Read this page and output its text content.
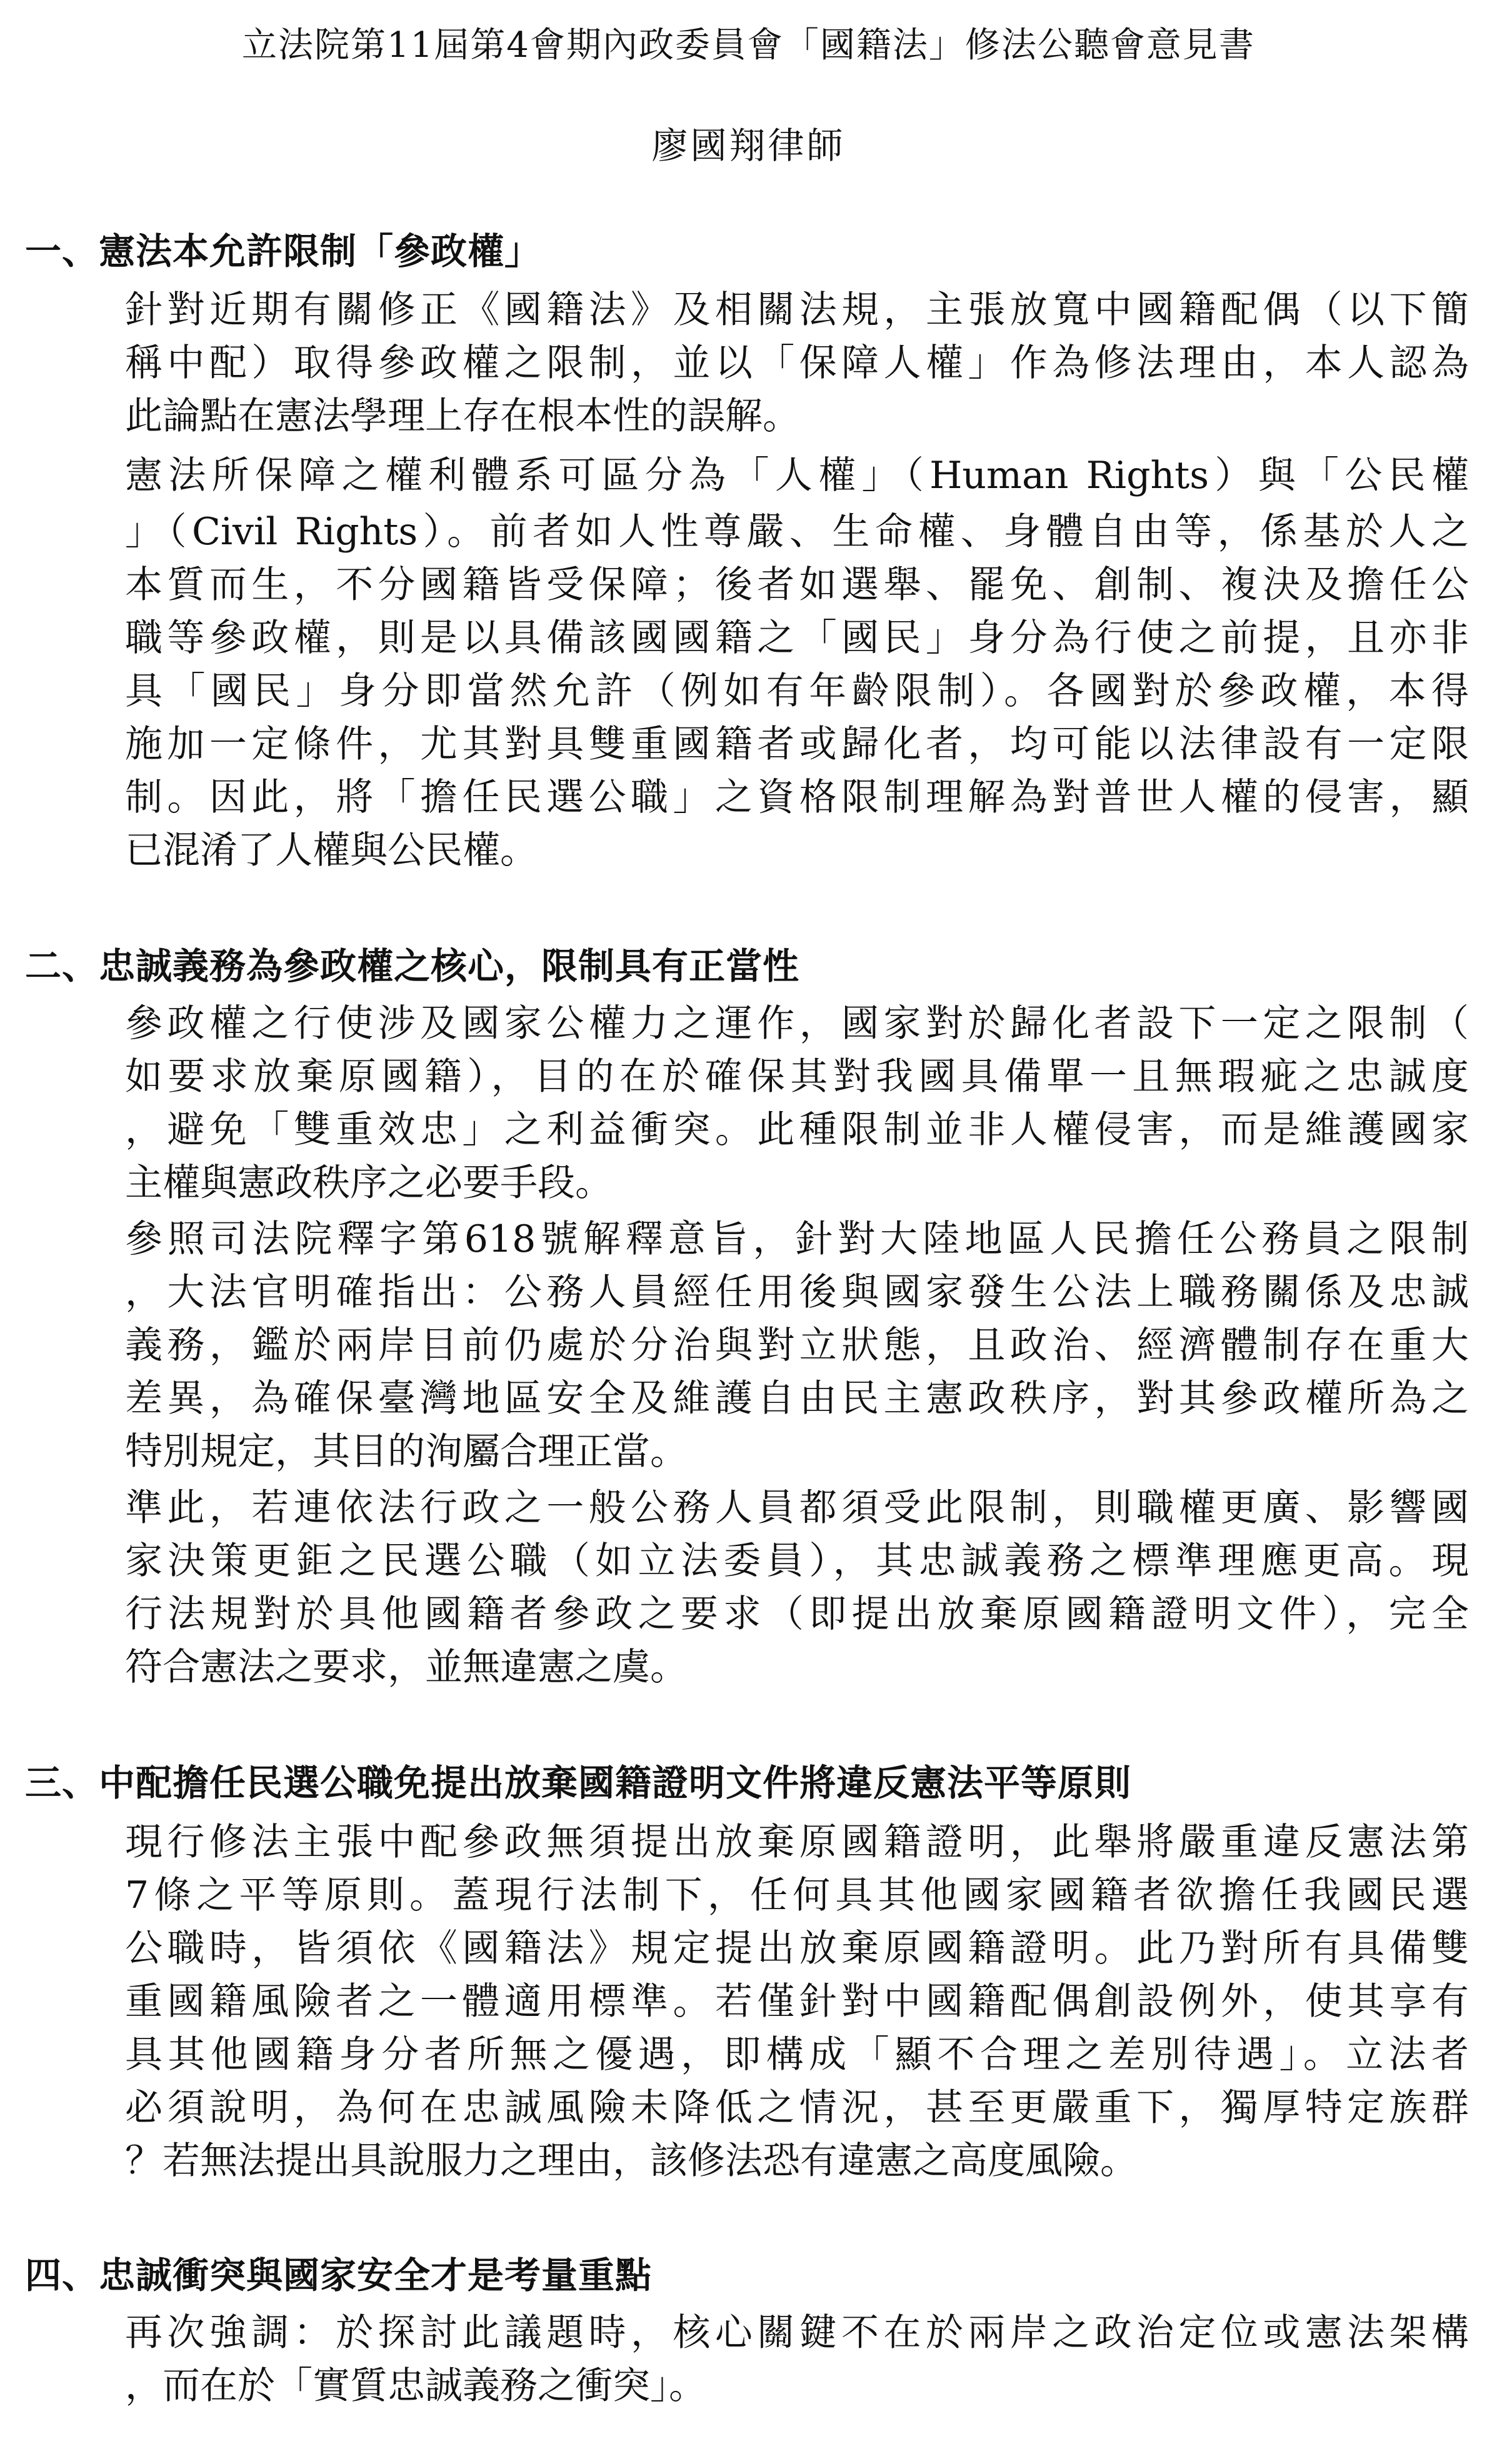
立法院第11屆第4會期內政委員會「國籍法」修法公聽會意見書
廖國翔律師
一、憲法本允許限制「參政權」
針對近期有關修正《國籍法》及相關法規，主張放寬中國籍配偶（以下簡
稱中配）取得參政權之限制，並以「保障人權」作為修法理由，本人認為
此論點在憲法學理上存在根本性的誤解。
憲法所保障之權利體系可區分為「人權」（Human Rights）與「公民權
」（Civil Rights）。前者如人性尊嚴、生命權、身體自由等，係基於人之
本質而生，不分國籍皆受保障；後者如選舉、罷免、創制、複決及擔任公
職等參政權，則是以具備該國國籍之「國民」身分為行使之前提，且亦非
具「國民」身分即當然允許（例如有年齡限制）。各國對於參政權，本得
施加一定條件，尤其對具雙重國籍者或歸化者，均可能以法律設有一定限
制。因此，將「擔任民選公職」之資格限制理解為對普世人權的侵害，顯
已混淆了人權與公民權。
二、忠誠義務為參政權之核心，限制具有正當性
參政權之行使涉及國家公權力之運作，國家對於歸化者設下一定之限制（
如要求放棄原國籍），目的在於確保其對我國具備單一且無瑕疵之忠誠度
，避免「雙重效忠」之利益衝突。此種限制並非人權侵害，而是維護國家
主權與憲政秩序之必要手段。
參照司法院釋字第618號解釋意旨，針對大陸地區人民擔任公務員之限制
，大法官明確指出：公務人員經任用後與國家發生公法上職務關係及忠誠
義務，鑑於兩岸目前仍處於分治與對立狀態，且政治、經濟體制存在重大
差異，為確保臺灣地區安全及維護自由民主憲政秩序，對其參政權所為之
特別規定，其目的洵屬合理正當。
準此，若連依法行政之一般公務人員都須受此限制，則職權更廣、影響國
家決策更鉅之民選公職（如立法委員），其忠誠義務之標準理應更高。現
行法規對於具他國籍者參政之要求（即提出放棄原國籍證明文件），完全
符合憲法之要求，並無違憲之虞。
三、中配擔任民選公職免提出放棄國籍證明文件將違反憲法平等原則
現行修法主張中配參政無須提出放棄原國籍證明，此舉將嚴重違反憲法第
7條之平等原則。蓋現行法制下，任何具其他國家國籍者欲擔任我國民選
公職時，皆須依《國籍法》規定提出放棄原國籍證明。此乃對所有具備雙
重國籍風險者之一體適用標準。若僅針對中國籍配偶創設例外，使其享有
具其他國籍身分者所無之優遇，即構成「顯不合理之差別待遇」。立法者
必須說明，為何在忠誠風險未降低之情況，甚至更嚴重下，獨厚特定族群
？若無法提出具說服力之理由，該修法恐有違憲之高度風險。
四、忠誠衝突與國家安全才是考量重點
再次強調：於探討此議題時，核心關鍵不在於兩岸之政治定位或憲法架構
，而在於「實質忠誠義務之衝突」。
